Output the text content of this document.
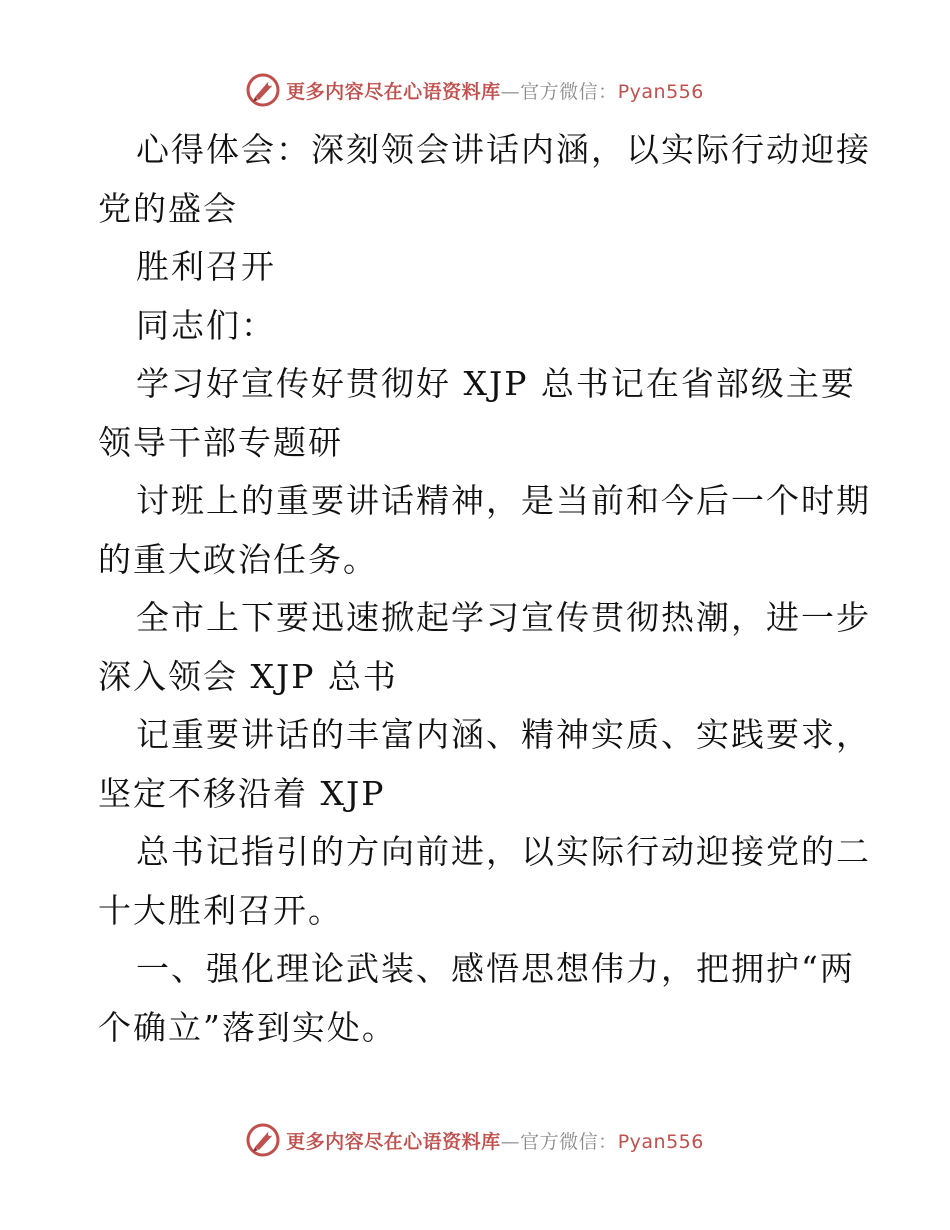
更多内容尽在心语资料库—官方微信：Pyan556
心得体会：深刻领会讲话内涵，以实际行动迎接
党的盛会
胜利召开
同志们：
学习好宣传好贯彻好 XJP 总书记在省部级主要
领导干部专题研
讨班上的重要讲话精神，是当前和今后一个时期
的重大政治任务。
全市上下要迅速掀起学习宣传贯彻热潮，进一步
深入领会 XJP 总书
记重要讲话的丰富内涵、精神实质、实践要求，
坚定不移沿着 XJP
总书记指引的方向前进，以实际行动迎接党的二
十大胜利召开。
一、强化理论武装、感悟思想伟力，把拥护“两
个确立”落到实处。
更多内容尽在心语资料库—官方微信：Pyan556
